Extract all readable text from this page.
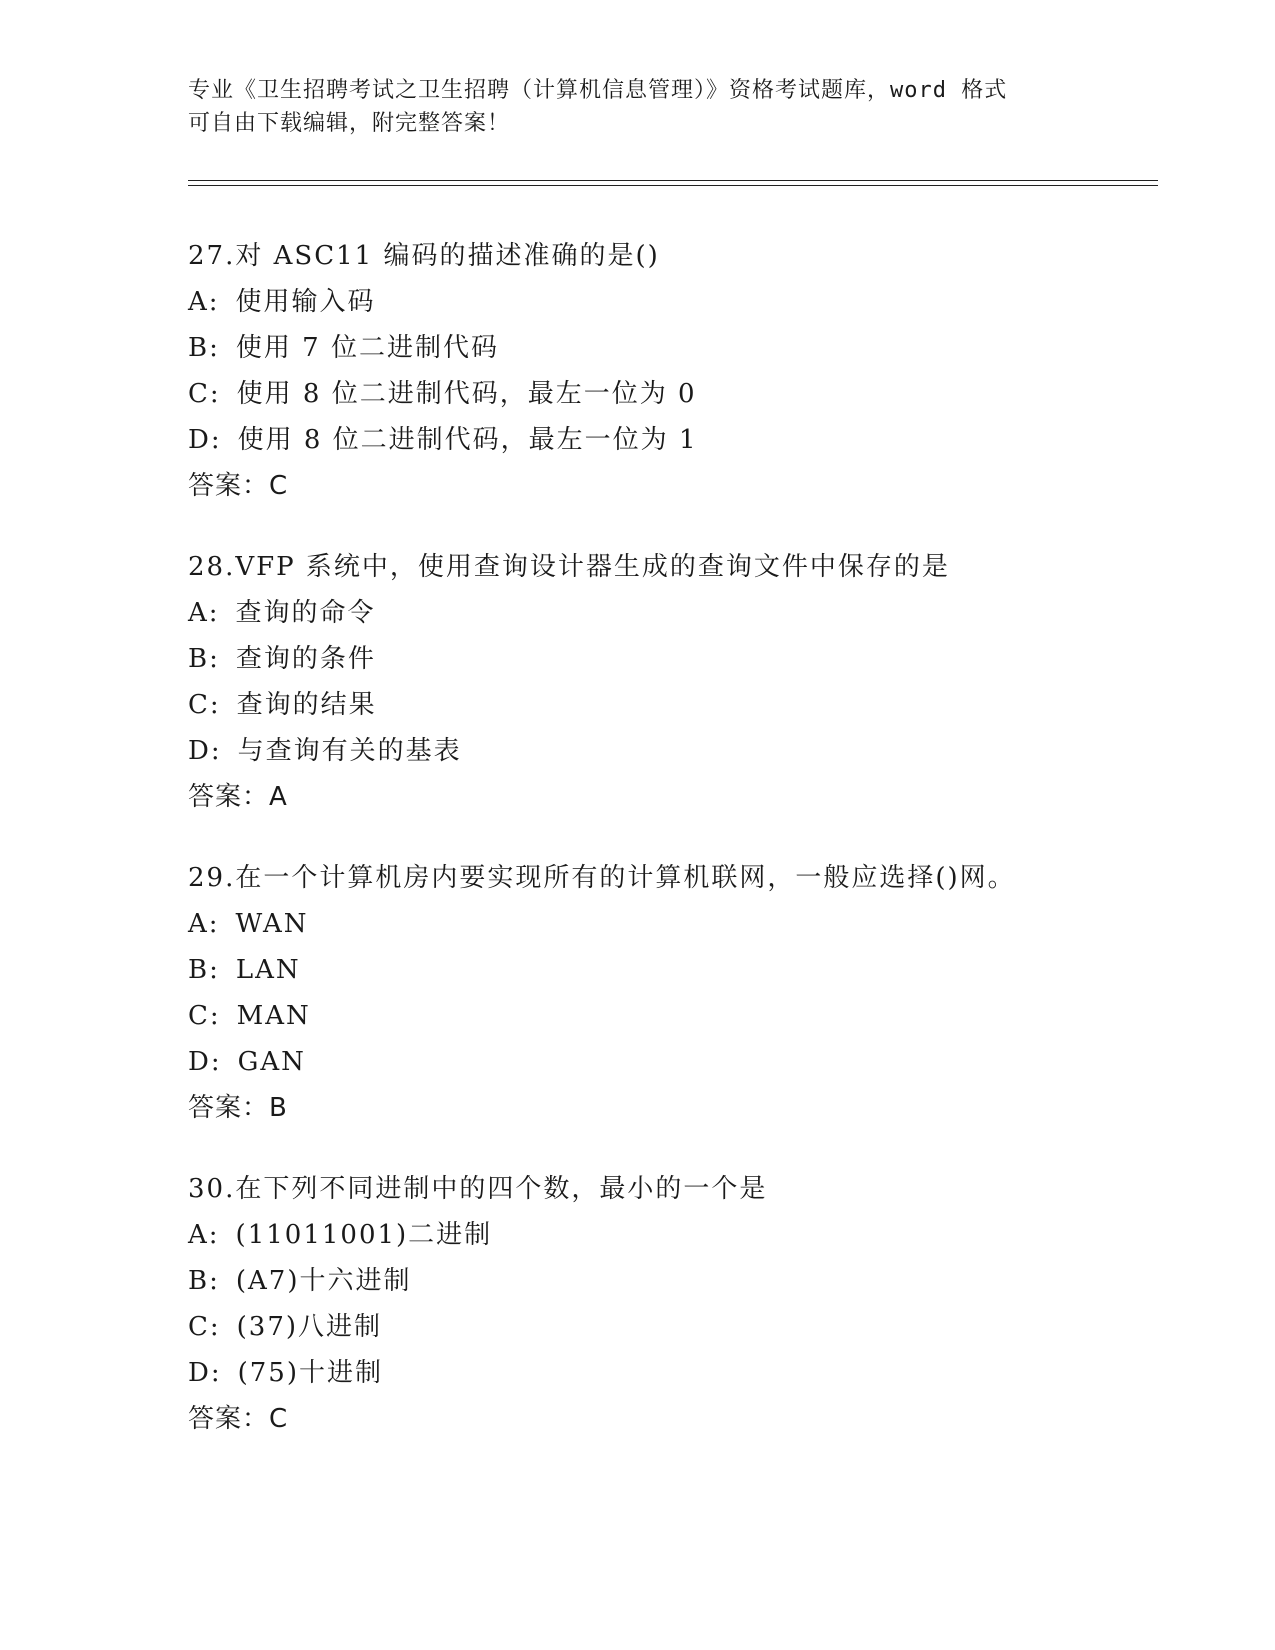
专业《卫生招聘考试之卫生招聘（计算机信息管理）》资格考试题库，word 格式

可自由下载编辑，附完整答案！

27.对 ASC11 编码的描述准确的是()
A: 使用输入码
B: 使用 7 位二进制代码
C: 使用 8 位二进制代码，最左一位为 0
D: 使用 8 位二进制代码，最左一位为 1
答案：C
28.VFP 系统中，使用查询设计器生成的查询文件中保存的是
A: 查询的命令
B: 查询的条件
C: 查询的结果
D: 与查询有关的基表
答案：A
29.在一个计算机房内要实现所有的计算机联网，一般应选择()网。
A: WAN
B: LAN
C: MAN
D: GAN
答案：B
30.在下列不同进制中的四个数，最小的一个是
A: (11011001)二进制
B: (A7)十六进制
C: (37)八进制
D: (75)十进制
答案：C
